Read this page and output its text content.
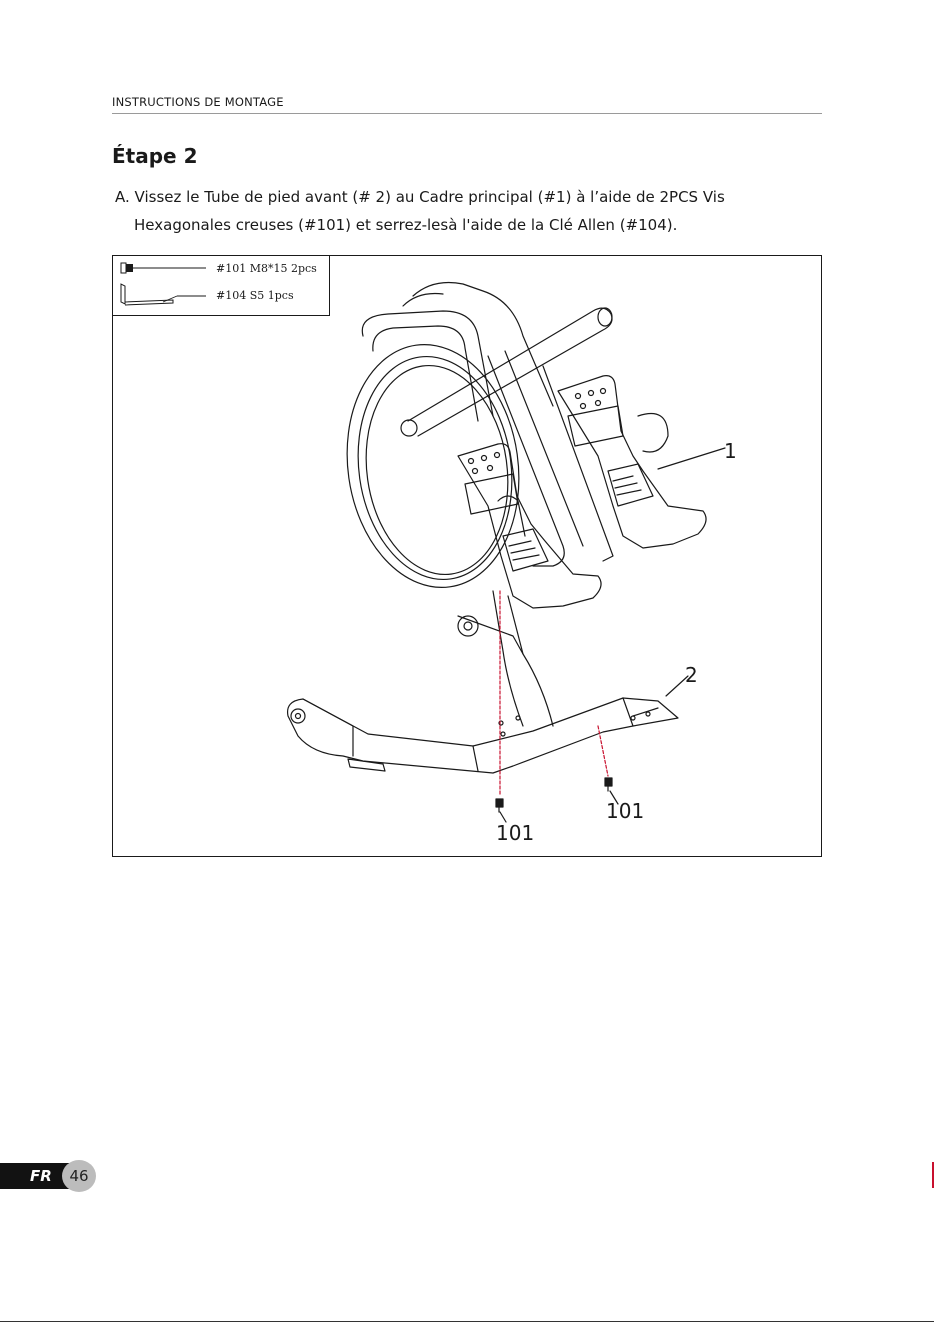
INSTRUCTIONS DE MONTAGE
Étape 2
A. Vissez le Tube de pied avant (# 2) au Cadre principal (#1) à l’aide de 2PCS Vis
Hexagonales creuses (#101) et serrez-lesà l'aide de la Clé Allen (#104).
#101 M8*15 2pcs
#104 S5 1pcs
1
2
101
101
FR	46
